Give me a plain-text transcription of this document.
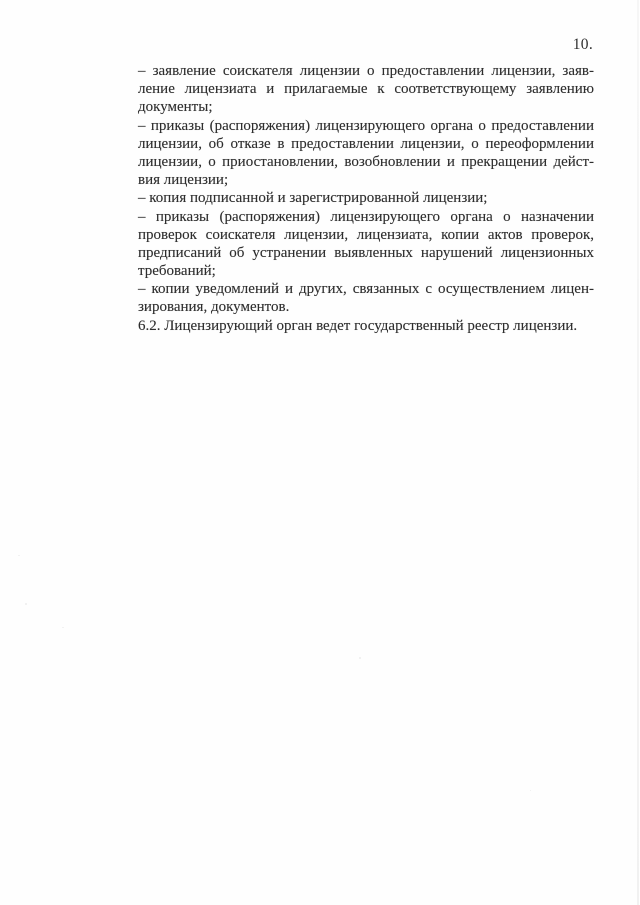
10.
– заявление соискателя лицензии о предоставлении лицензии, заяв-
ление лицензиата и прилагаемые к соответствующему заявлению
документы;
– приказы (распоряжения) лицензирующего органа о предоставлении
лицензии, об отказе в предоставлении лицензии, о переоформлении
лицензии, о приостановлении, возобновлении и прекращении дейст-
вия лицензии;
– копия подписанной и зарегистрированной лицензии;
– приказы (распоряжения) лицензирующего органа о назначении
проверок соискателя лицензии, лицензиата, копии актов проверок,
предписаний об устранении выявленных нарушений лицензионных
требований;
– копии уведомлений и других, связанных с осуществлением лицен-
зирования, документов.
6.2. Лицензирующий орган ведет государственный реестр лицензии.
